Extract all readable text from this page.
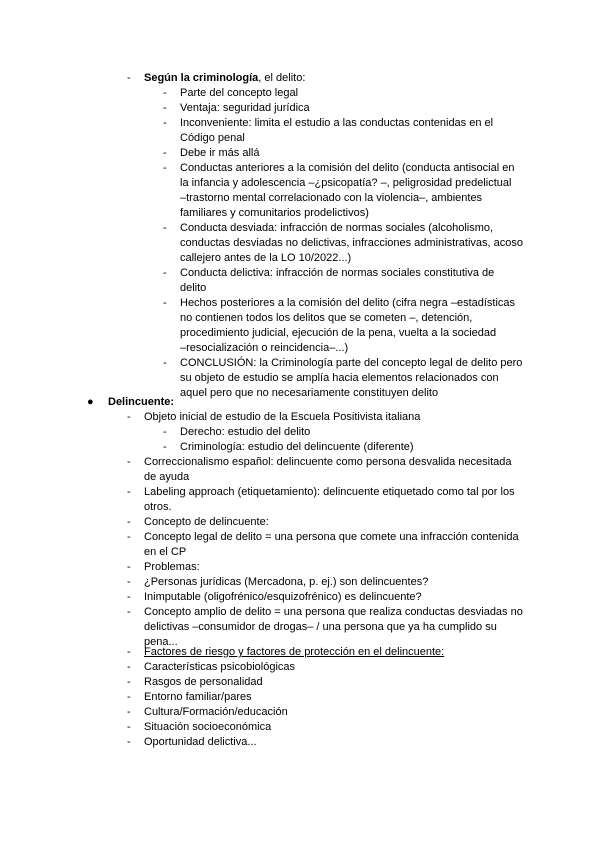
- Según la criminología, el delito:
- Parte del concepto legal
- Ventaja: seguridad jurídica
- Inconveniente: limita el estudio a las conductas contenidas en el
Código penal
- Debe ir más allá
- Conductas anteriores a la comisión del delito (conducta antisocial en
la infancia y adolescencia –¿psicopatía? –, peligrosidad predelictual
–trastorno mental correlacionado con la violencia–, ambientes
familiares y comunitarios prodelictivos)
- Conducta desviada: infracción de normas sociales (alcoholismo,
conductas desviadas no delictivas, infracciones administrativas, acoso
callejero antes de la LO 10/2022...)
- Conducta delictiva: infracción de normas sociales constitutiva de
delito
- Hechos posteriores a la comisión del delito (cifra negra –estadísticas
no contienen todos los delitos que se cometen –, detención,
procedimiento judicial, ejecución de la pena, vuelta a la sociedad
–resocialización o reincidencia–...)
- CONCLUSIÓN: la Criminología parte del concepto legal de delito pero
su objeto de estudio se amplía hacia elementos relacionados con
aquel pero que no necesariamente constituyen delito
● Delincuente:
- Objeto inicial de estudio de la Escuela Positivista italiana
- Derecho: estudio del delito
- Criminología: estudio del delincuente (diferente)
- Correccionalismo español: delincuente como persona desvalida necesitada
de ayuda
- Labeling approach (etiquetamiento): delincuente etiquetado como tal por los
otros.
- Concepto de delincuente:
- Concepto legal de delito = una persona que comete una infracción contenida
en el CP
- Problemas:
- ¿Personas jurídicas (Mercadona, p. ej.) son delincuentes?
- Inimputable (oligofrénico/esquizofrénico) es delincuente?
- Concepto amplio de delito = una persona que realiza conductas desviadas no
delictivas –consumidor de drogas– / una persona que ya ha cumplido su
pena...
- Factores de riesgo y factores de protección en el delincuente:
- Características psicobiológicas
- Rasgos de personalidad
- Entorno familiar/pares
- Cultura/Formación/educación
- Situación socioeconómica
- Oportunidad delictiva...
